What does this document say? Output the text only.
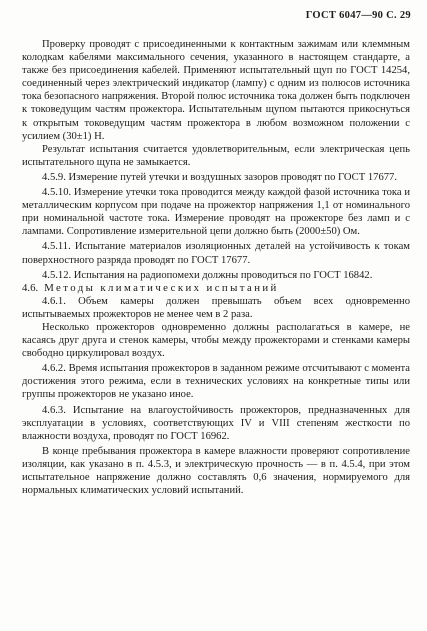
ГОСТ 6047—90 С. 29

Проверку проводят с присоединенными к контактным зажимам или клеммным колодкам кабелями максимального сечения, указанного в настоящем стандарте, а также без присоединения кабелей. Применяют испытательный щуп по ГОСТ 14254, соединенный через электрический индикатор (лампу) с одним из полюсов источника тока безопасного напряжения. Второй полюс источника тока должен быть подключен к токоведущим частям прожектора. Испытательным щупом пытаются прикоснуться к открытым токоведущим частям прожектора в любом возможном положении с усилием (30±1) Н.

Результат испытания считается удовлетворительным, если электрическая цепь испытательного щупа не замыкается.

4.5.9. Измерение путей утечки и воздушных зазоров проводят по ГОСТ 17677.

4.5.10. Измерение утечки тока проводится между каждой фазой источника тока и металлическим корпусом при подаче на прожектор напряжения 1,1 от номинального при номинальной частоте тока. Измерение проводят на прожекторе без ламп и с лампами. Сопротивление измерительной цепи должно быть (2000±50) Ом.

4.5.11. Испытание материалов изоляционных деталей на устойчивость к токам поверхностного разряда проводят по ГОСТ 17677.

4.5.12. Испытания на радиопомехи должны проводиться по ГОСТ 16842.

4.6. Методы климатических испытаний

4.6.1. Объем камеры должен превышать объем всех одновременно испытываемых прожекторов не менее чем в 2 раза.

Несколько прожекторов одновременно должны располагаться в камере, не касаясь друг друга и стенок камеры, чтобы между прожекторами и стенками камеры свободно циркулировал воздух.

4.6.2. Время испытания прожекторов в заданном режиме отсчитывают с момента достижения этого режима, если в технических условиях на конкретные типы или группы прожекторов не указано иное.

4.6.3. Испытание на влагоустойчивость прожекторов, предназначенных для эксплуатации в условиях, соответствующих IV и VIII степеням жесткости по влажности воздуха, проводят по ГОСТ 16962.

В конце пребывания прожектора в камере влажности проверяют сопротивление изоляции, как указано в п. 4.5.3, и электрическую прочность — в п. 4.5.4, при этом испытательное напряжение должно составлять 0,6 значения, нормируемого для нормальных климатических условий испытаний.
